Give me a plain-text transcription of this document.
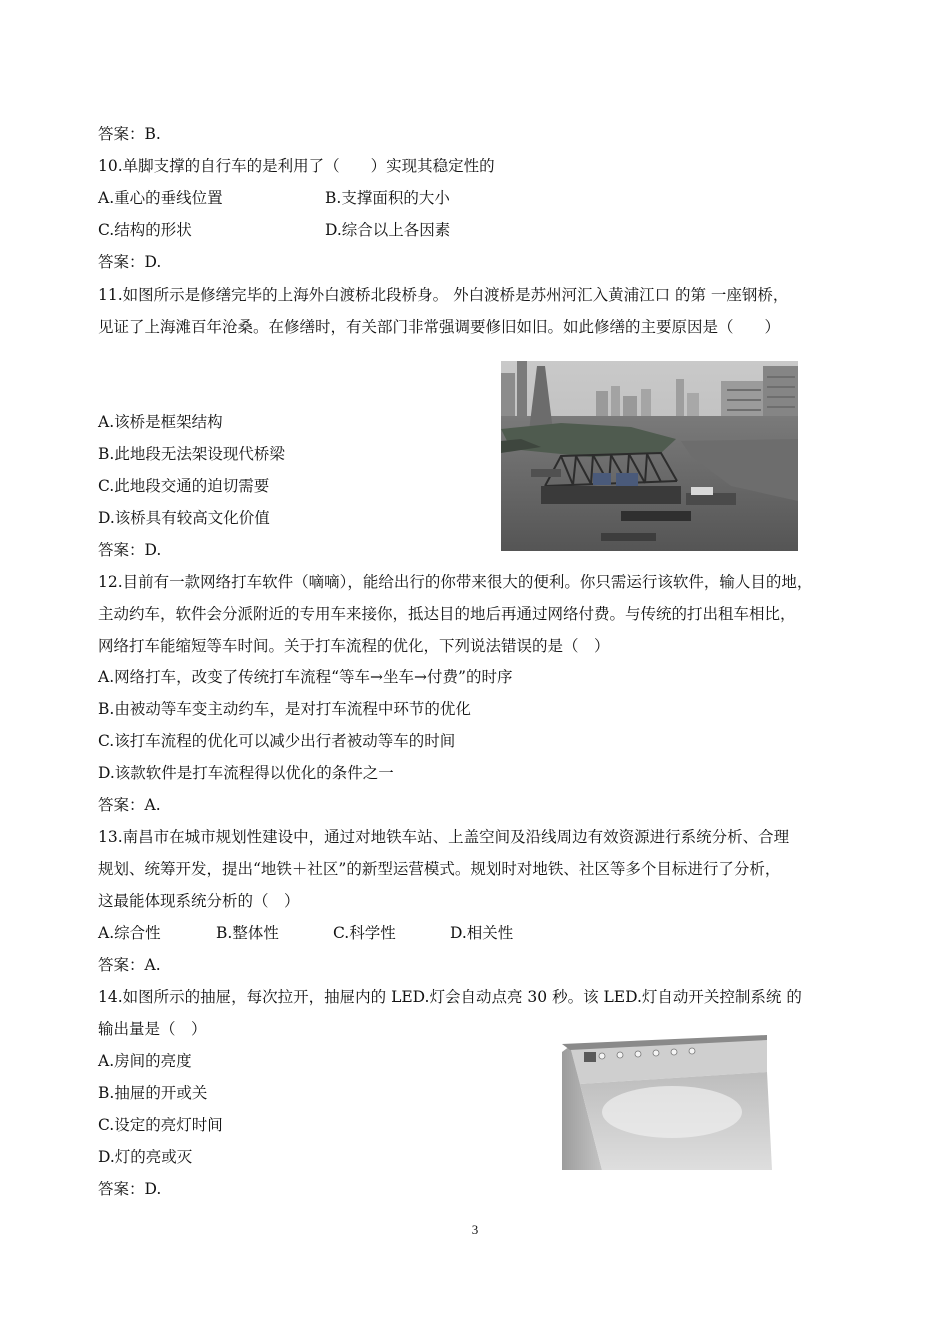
答案：B.
10.单脚支撑的自行车的是利用了（　　）实现其稳定性的
A.重心的垂线位置	B.支撑面积的大小
C.结构的形状	D.综合以上各因素
答案：D.
11.如图所示是修缮完毕的上海外白渡桥北段桥身。 外白渡桥是苏州河汇入黄浦江口 的第 一座钢桥，
见证了上海滩百年沧桑。在修缮时，有关部门非常强调要修旧如旧。如此修缮的主要原因是（　　）
A.该桥是框架结构
B.此地段无法架设现代桥梁
C.此地段交通的迫切需要
D.该桥具有较高文化价值
答案：D.
12.目前有一款网络打车软件（嘀嘀），能给出行的你带来很大的便利。你只需运行该软件，输人目的地，
主动约车，软件会分派附近的专用车来接你，抵达目的地后再通过网络付费。与传统的打出租车相比，
网络打车能缩短等车时间。关于打车流程的优化，下列说法错误的是（　）
A.网络打车，改变了传统打车流程“等车→坐车→付费”的时序
B.由被动等车变主动约车，是对打车流程中环节的优化
C.该打车流程的优化可以减少出行者被动等车的时间
D.该款软件是打车流程得以优化的条件之一
答案：A.
13.南昌市在城市规划性建设中，通过对地铁车站、上盖空间及沿线周边有效资源进行系统分析、合理
规划、统筹开发，提出“地铁＋社区”的新型运营模式。规划时对地铁、社区等多个目标进行了分析，
这最能体现系统分析的（　）
A.综合性	B.整体性	C.科学性	D.相关性
答案：A.
14.如图所示的抽屉，每次拉开，抽屉内的 LED.灯会自动点亮 30 秒。该 LED.灯自动开关控制系统 的
输出量是（　）
A.房间的亮度
B.抽屉的开或关
C.设定的亮灯时间
D.灯的亮或灭
答案：D.
3
